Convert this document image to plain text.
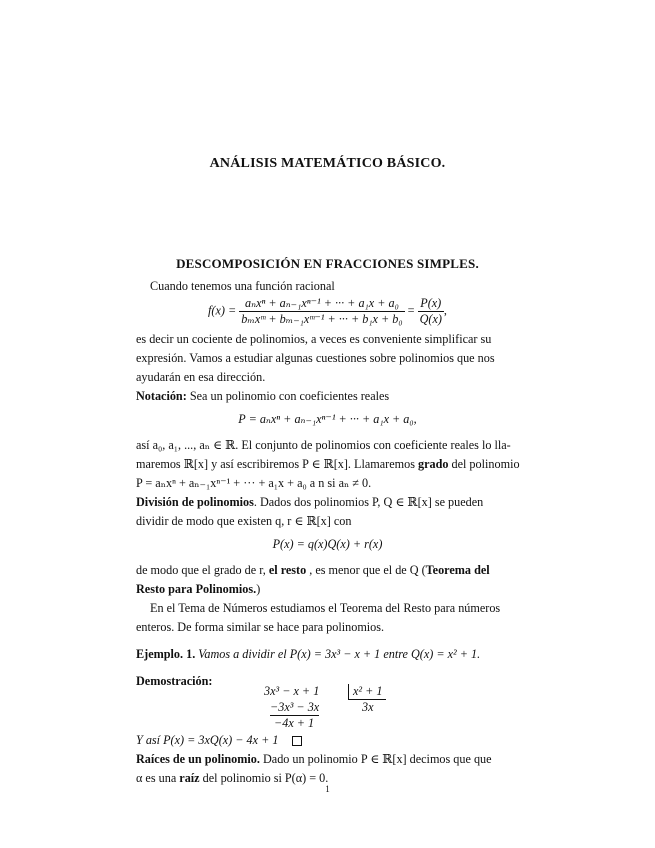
ANÁLISIS MATEMÁTICO BÁSICO.
DESCOMPOSICIÓN EN FRACCIONES SIMPLES.
Cuando tenemos una función racional
$f(x) = \frac{\text{aₙxⁿ + aₙ₋₁xⁿ⁻¹ + ··· + a₁x + a₀}}{\text{bₘxᵐ + bₘ₋₁xᵐ⁻¹ + ··· + b₁x + b₀}} = \frac{P(x)}{Q(x)}$ ,
es decir un cociente de polinomios, a veces es conveniente simplificar su
expresión. Vamos a estudiar algunas cuestiones sobre polinomios que nos
ayudarán en esa dirección.
Notación: Sea un polinomio con coeficientes reales
P = aₙxⁿ + aₙ₋₁xⁿ⁻¹ + ··· + a₁x + a₀,
así a₀, a₁, ..., aₙ ∈ ℝ. El conjunto de polinomios con coeficiente reales lo lla-
maremos ℝ[x] y así escribiremos P ∈ ℝ[x]. Llamaremos grado del polinomio
P = aₙxⁿ + aₙ₋₁xⁿ⁻¹ + ··· + a₁x + a₀ a n si aₙ ≠ 0.
División de polinomios. Dados dos polinomios P, Q ∈ ℝ[x] se pueden
dividir de modo que existen q, r ∈ ℝ[x] con
P(x) = q(x)Q(x) + r(x)
de modo que el grado de r, el resto , es menor que el de Q (Teorema del
Resto para Polinomios.)
En el Tema de Números estudiamos el Teorema del Resto para números
enteros. De forma similar se hace para polinomios.
Ejemplo. 1. Vamos a dividir el P(x) = 3x³ − x + 1 entre Q(x) = x² + 1.
Demostración:
3x³ − x + 1	x² + 1
−3x³ − 3x	3x
−4x + 1
Y así P(x) = 3xQ(x) − 4x + 1
Raíces de un polinomio. Dado un polinomio P ∈ ℝ[x] decimos que que
α es una raíz del polinomio si P(α) = 0.
1
